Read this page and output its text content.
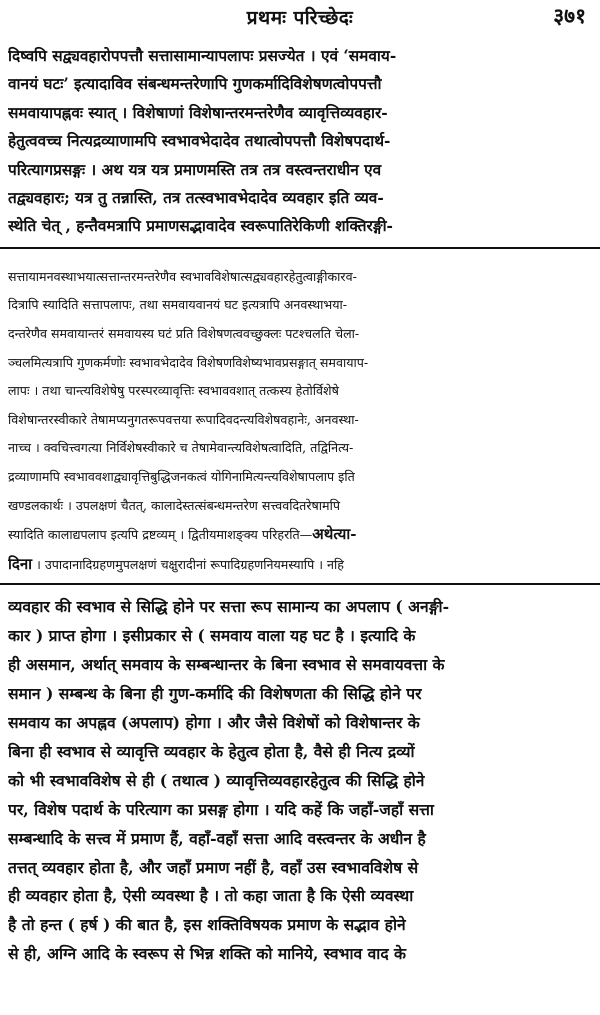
प्रथमः परिच्छेदः	३७१
दिष्वपि सद्व्यवहारोपपत्तौ सत्तासामान्यापलापः प्रसज्येत । एवं ‘समवाय-
वानयं घटः’ इत्यादाविव संबन्धमन्तरेणापि गुणकर्मादिविशेषणत्वोपपत्तौ
समवायापह्नवः स्यात् । विशेषाणां विशेषान्तरमन्तरेणैव व्यावृत्तिव्यवहार-
हेतुत्ववच्च नित्यद्रव्याणामपि स्वभावभेदादेव तथात्वोपपत्तौ विशेषपदार्थ-
परित्यागप्रसङ्गः । अथ यत्र यत्र प्रमाणमस्ति तत्र तत्र वस्त्वन्तराधीन एव
तद्व्यवहारः; यत्र तु तन्नास्ति, तत्र तत्स्वभावभेदादेव व्यवहार इति व्यव-
स्थेति चेत् , हन्तैवमत्रापि प्रमाणसद्भावादेव स्वरूपातिरेकिणी शक्तिरङ्गी-
सत्तायामनवस्थाभयात्सत्तान्तरमन्तरेणैव स्वभावविशेषात्सद्व्यवहारहेतुत्वाङ्गीकारव-
दित्रापि स्यादिति सत्तापलापः, तथा समवायवानयं घट इत्यत्रापि अनवस्थाभया-
दन्तरेणैव समवायान्तरं समवायस्य घटं प्रति विशेषणत्ववच्छुक्लः पटश्चलति चेला-
ञ्चलमित्यत्रापि गुणकर्मणोः स्वभावभेदादेव विशेषणविशेष्यभावप्रसङ्गात् समवायाप-
लापः । तथा चान्त्यविशेषेषु परस्परव्यावृत्तिः स्वभाववशात् तत्कस्य हेतोर्विशेषे
विशेषान्तरस्वीकारे तेषामप्यनुगतरूपवत्तया रूपादिवदन्त्यविशेषवहानेः, अनवस्था-
नाच्च । क्वचित्त्वगत्या निर्विशेषस्वीकारे च तेषामेवान्त्यविशेषत्वादिति, तद्विनित्य-
द्रव्याणामपि स्वभाववशाद्व्यावृत्तिबुद्धिजनकत्वं योगिनामित्यन्त्यविशेषापलाप इति
खण्डलकार्थः । उपलक्षणं चैतत्, कालादेस्तत्संबन्धमन्तरेण सत्त्ववदितरेषामपि
स्यादिति कालाद्यपलाप इत्यपि द्रष्टव्यम् । द्वितीयमाशङ्क्य परिहरति—अथेत्या-
दिना । उपादानादिग्रहणमुपलक्षणं चक्षुरादीनां रूपादिग्रहणनियमस्यापि । नहि
व्यवहार की स्वभाव से सिद्धि होने पर सत्ता रूप सामान्य का अपलाप ( अनङ्गी-
कार ) प्राप्त होगा । इसीप्रकार से ( समवाय वाला यह घट है । इत्यादि के
ही असमान, अर्थात् समवाय के सम्बन्धान्तर के बिना स्वभाव से समवायवत्ता के
समान ) सम्बन्ध के बिना ही गुण-कर्मादि की विशेषणता की सिद्धि होने पर
समवाय का अपह्नव (अपलाप) होगा । और जैसे विशेषों को विशेषान्तर के
बिना ही स्वभाव से व्यावृत्ति व्यवहार के हेतुत्व होता है, वैसे ही नित्य द्रव्यों
को भी स्वभावविशेष से ही ( तथात्व ) व्यावृत्तिव्यवहारहेतुत्व की सिद्धि होने
पर, विशेष पदार्थ के परित्याग का प्रसङ्ग होगा । यदि कहें कि जहाँ-जहाँ सत्ता
सम्बन्धादि के सत्त्व में प्रमाण हैं, वहाँ-वहाँ सत्ता आदि वस्त्वन्तर के अधीन है
तत्तत् व्यवहार होता है, और जहाँ प्रमाण नहीं है, वहाँ उस स्वभावविशेष से
ही व्यवहार होता है, ऐसी व्यवस्था है । तो कहा जाता है कि ऐसी व्यवस्था
है तो हन्त ( हर्ष ) की बात है, इस शक्तिविषयक प्रमाण के सद्भाव होने
से ही, अग्नि आदि के स्वरूप से भिन्न शक्ति को मानिये, स्वभाव वाद के
